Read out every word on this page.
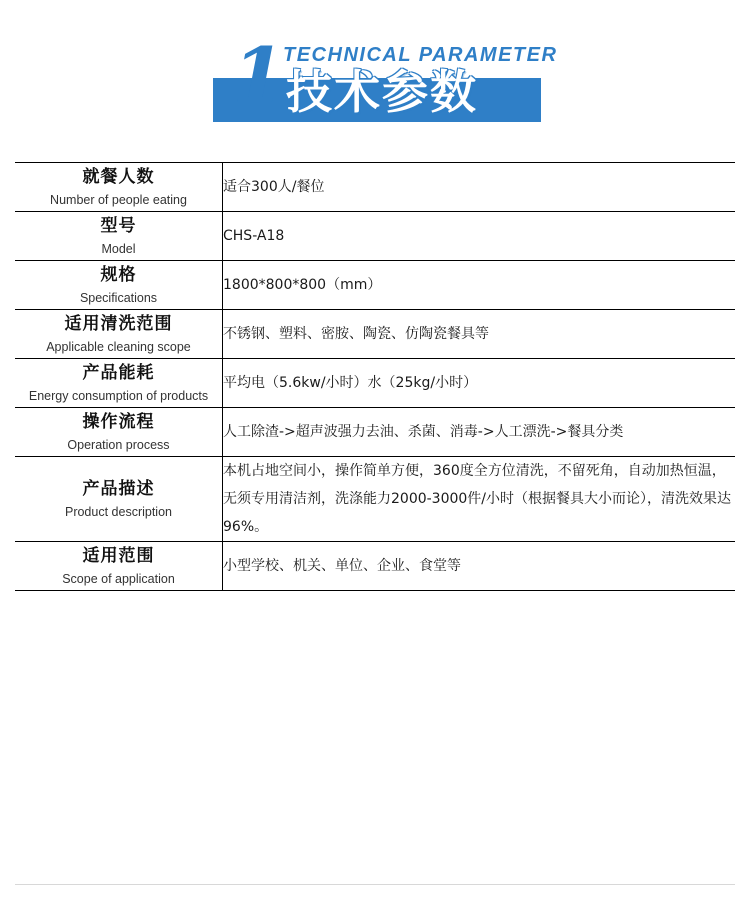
1 TECHNICAL PARAMETER
技术参数
就餐人数
Number of people eating	适合300人/餐位

型号
Model	CHS-A18

规格
Specifications	1800*800*800（mm）

适用清洗范围
Applicable cleaning scope	不锈钢、塑料、密胺、陶瓷、仿陶瓷餐具等

产品能耗
Energy consumption of products	平均电（5.6kw/小时）水（25kg/小时）

操作流程
Operation process	人工除渣->超声波强力去油、杀菌、消毒->人工漂洗->餐具分类

产品描述
Product description	本机占地空间小，操作简单方便，360度全方位清洗，不留死角，自动加热恒温，无须专用清洁剂，洗涤能力2000-3000件/小时（根据餐具大小而论），清洗效果达96%。

适用范围
Scope of application	小型学校、机关、单位、企业、食堂等
